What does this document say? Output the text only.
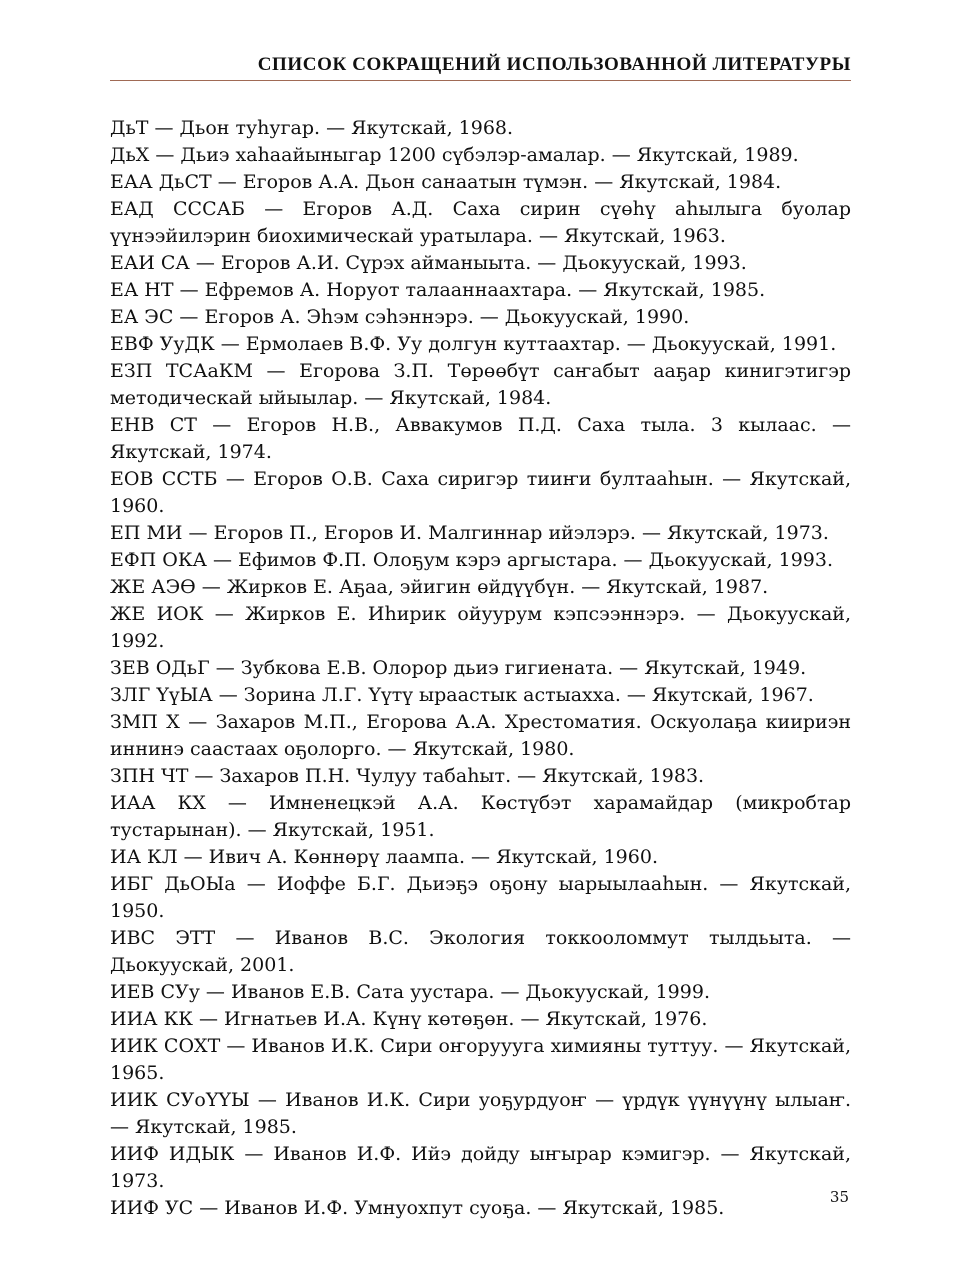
СПИСОК СОКРАЩЕНИЙ ИСПОЛЬЗОВАННОЙ ЛИТЕРАТУРЫ
ДьТ — Дьон туһугар. — Якутскай, 1968.
ДьХ — Дьиэ хаһаайыныгар 1200 сүбэлэр-амалар. — Якутскай, 1989.
ЕАА ДьСТ — Егоров А.А. Дьон санаатын түмэн. — Якутскай, 1984.
ЕАД СССАБ — Егоров А.Д. Саха сирин сүөһү аһылыга буолар үүнээйилэрин биохимическай уратылара. — Якутскай, 1963.
ЕАИ СА — Егоров А.И. Сүрэх айманыыта. — Дьокуускай, 1993.
ЕА НТ — Ефремов А. Норуот талааннаахтара. — Якутскай, 1985.
ЕА ЭС — Егоров А. Эһэм сэһэннэрэ. — Дьокуускай, 1990.
ЕВФ УуДК — Ермолаев В.Ф. Уу долгун куттаахтар. — Дьокуускай, 1991.
ЕЗП ТСАаКМ — Егорова З.П. Төрөөбүт саҥабыт ааҕар кинигэтигэр методическай ыйыылар. — Якутскай, 1984.
ЕНВ СТ — Егоров Н.В., Аввакумов П.Д. Саха тыла. 3 кылаас. — Якутскай, 1974.
ЕОВ ССТБ — Егоров О.В. Саха сиригэр тииҥи бултааһын. — Якутскай, 1960.
ЕП МИ — Егоров П., Егоров И. Малгиннар ийэлэрэ. — Якутскай, 1973.
ЕФП ОКА — Ефимов Ф.П. Олоҕум кэрэ аргыстара. — Дьокуускай, 1993.
ЖЕ АЭӨ — Жирков Е. Аҕаа, эйигин өйдүүбүн. — Якутскай, 1987.
ЖЕ ИОК — Жирков Е. Иһирик ойуурум кэпсээннэрэ. — Дьокуускай, 1992.
ЗЕВ ОДьГ — Зубкова Е.В. Олорор дьиэ гигиената. — Якутскай, 1949.
ЗЛГ ҮүЫА — Зорина Л.Г. Үүтү ыраастык астыахха. — Якутскай, 1967.
ЗМП Х — Захаров М.П., Егорова А.А. Хрестоматия. Оскуолаҕа киириэн иннинэ саастаах оҕолорго. — Якутскай, 1980.
ЗПН ЧТ — Захаров П.Н. Чулуу табаһыт. — Якутскай, 1983.
ИАА КХ — Имненецкэй А.А. Көстүбэт харамайдар (микробтар тустарынан). — Якутскай, 1951.
ИА КЛ — Ивич А. Көннөрү лаампа. — Якутскай, 1960.
ИБГ ДьОЫа — Иоффе Б.Г. Дьиэҕэ оҕону ыарыылааһын. — Якутскай, 1950.
ИВС ЭТТ — Иванов В.С. Экология токкооломмут тылдьыта. — Дьокуускай, 2001.
ИЕВ СУу — Иванов Е.В. Сата уустара. — Дьокуускай, 1999.
ИИА КК — Игнатьев И.А. Күнү көтөҕөн. — Якутскай, 1976.
ИИК СОХТ — Иванов И.К. Сири оҥоруууга химияны туттуу. — Якутскай, 1965.
ИИК СУоҮҮЫ — Иванов И.К. Сири уоҕурдуоҥ — үрдүк үүнүүнү ылыаҥ. — Якутскай, 1985.
ИИФ ИДЫК — Иванов И.Ф. Ийэ дойду ыҥырар кэмигэр. — Якутскай, 1973.
ИИФ УС — Иванов И.Ф. Умнуохпут суоҕа. — Якутскай, 1985.	35
